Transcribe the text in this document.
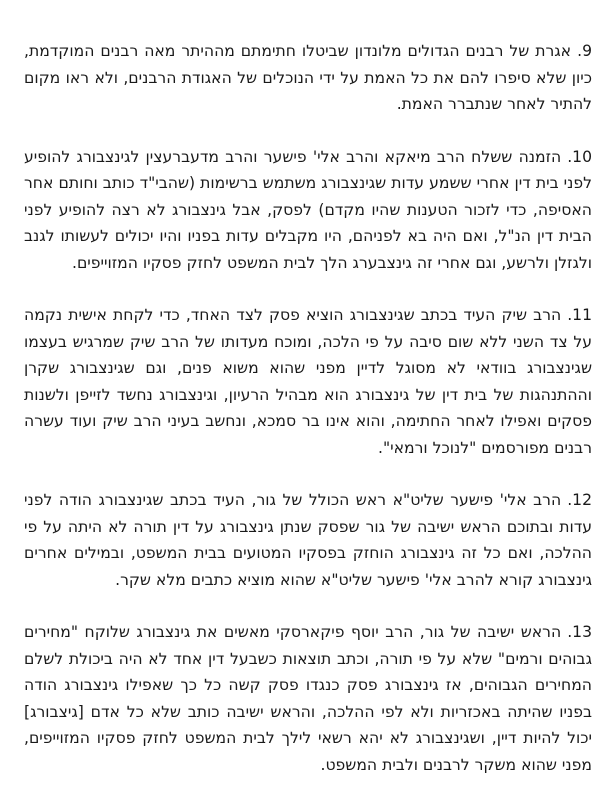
9.אגרת של רבנים הגדולים מלונדון שביטלו חתימתם מההיתר מאה רבנים המוקדמת, כיון שלא סיפרו להם את כל האמת על ידי הנוכלים של האגודת הרבנים, ולא ראו מקום להתיר לאחר שנתברר האמת.

10.הזמנה ששלח הרב מיאקא והרב אלי' פישער והרב מדעברעצין לגינצבורג להופיע לפני בית דין אחרי ששמע עדות שגינצבורג משתמש ברשימות (שהבי"ד כותב וחותם אחר האסיפה, כדי לזכור הטענות שהיו מקדם) לפסק, אבל גינצבורג לא רצה להופיע לפני הבית דין הנ"ל, ואם היה בא לפניהם, היו מקבלים עדות בפניו והיו יכולים לעשותו לגנב ולגזלן ולרשע, וגם אחרי זה גינצבערג הלך לבית המשפט לחזק פסקיו המזוייפים.

11.הרב שיק העיד בכתב שגינצבורג הוציא פסק לצד האחד, כדי לקחת אישית נקמה על צד השני ללא שום סיבה על פי הלכה, ומוכח מעדותו של הרב שיק שמרגיש בעצמו שגינצבורג בוודאי לא מסוגל לדיין מפני שהוא משוא פנים, וגם שגינצבורג שקרן וההתנהגות של בית דין של גינצבורג הוא מבהיל הרעיון, וגינצבורג נחשד לזייפן ולשנות פסקים ואפילו לאחר החתימה, והוא אינו בר סמכא, ונחשב בעיני הרב שיק ועוד עשרה רבנים מפורסמים "לנוכל ורמאי".

12.הרב אלי' פישער שליט"א ראש הכולל של גור, העיד בכתב שגינצבורג הודה לפני עדות ובתוכם הראש ישיבה של גור שפסק שנתן גינצבורג על דין תורה לא היתה על פי ההלכה, ואם כל זה גינצבורג הוחזק בפסקיו המטועים בבית המשפט, ובמילים אחרים גינצבורג קורא להרב אלי' פישער שליט"א שהוא מוציא כתבים מלא שקר.

13.הראש ישיבה של גור, הרב יוסף פיקארסקי מאשים את גינצבורג שלוקח "מחירים גבוהים ורמים" שלא על פי תורה, וכתב תוצאות כשבעל דין אחד לא היה ביכולת לשלם המחירים הגבוהים, אז גינצבורג פסק כנגדו פסק קשה כל כך שאפילו גינצבורג הודה בפניו שהיתה באכזריות ולא לפי ההלכה, והראש ישיבה כותב שלא כל אדם [גיצבורג] יכול להיות דיין, ושגינצבורג לא יהא רשאי לילך לבית המשפט לחזק פסקיו המזוייפים, מפני שהוא משקר לרבנים ולבית המשפט.
